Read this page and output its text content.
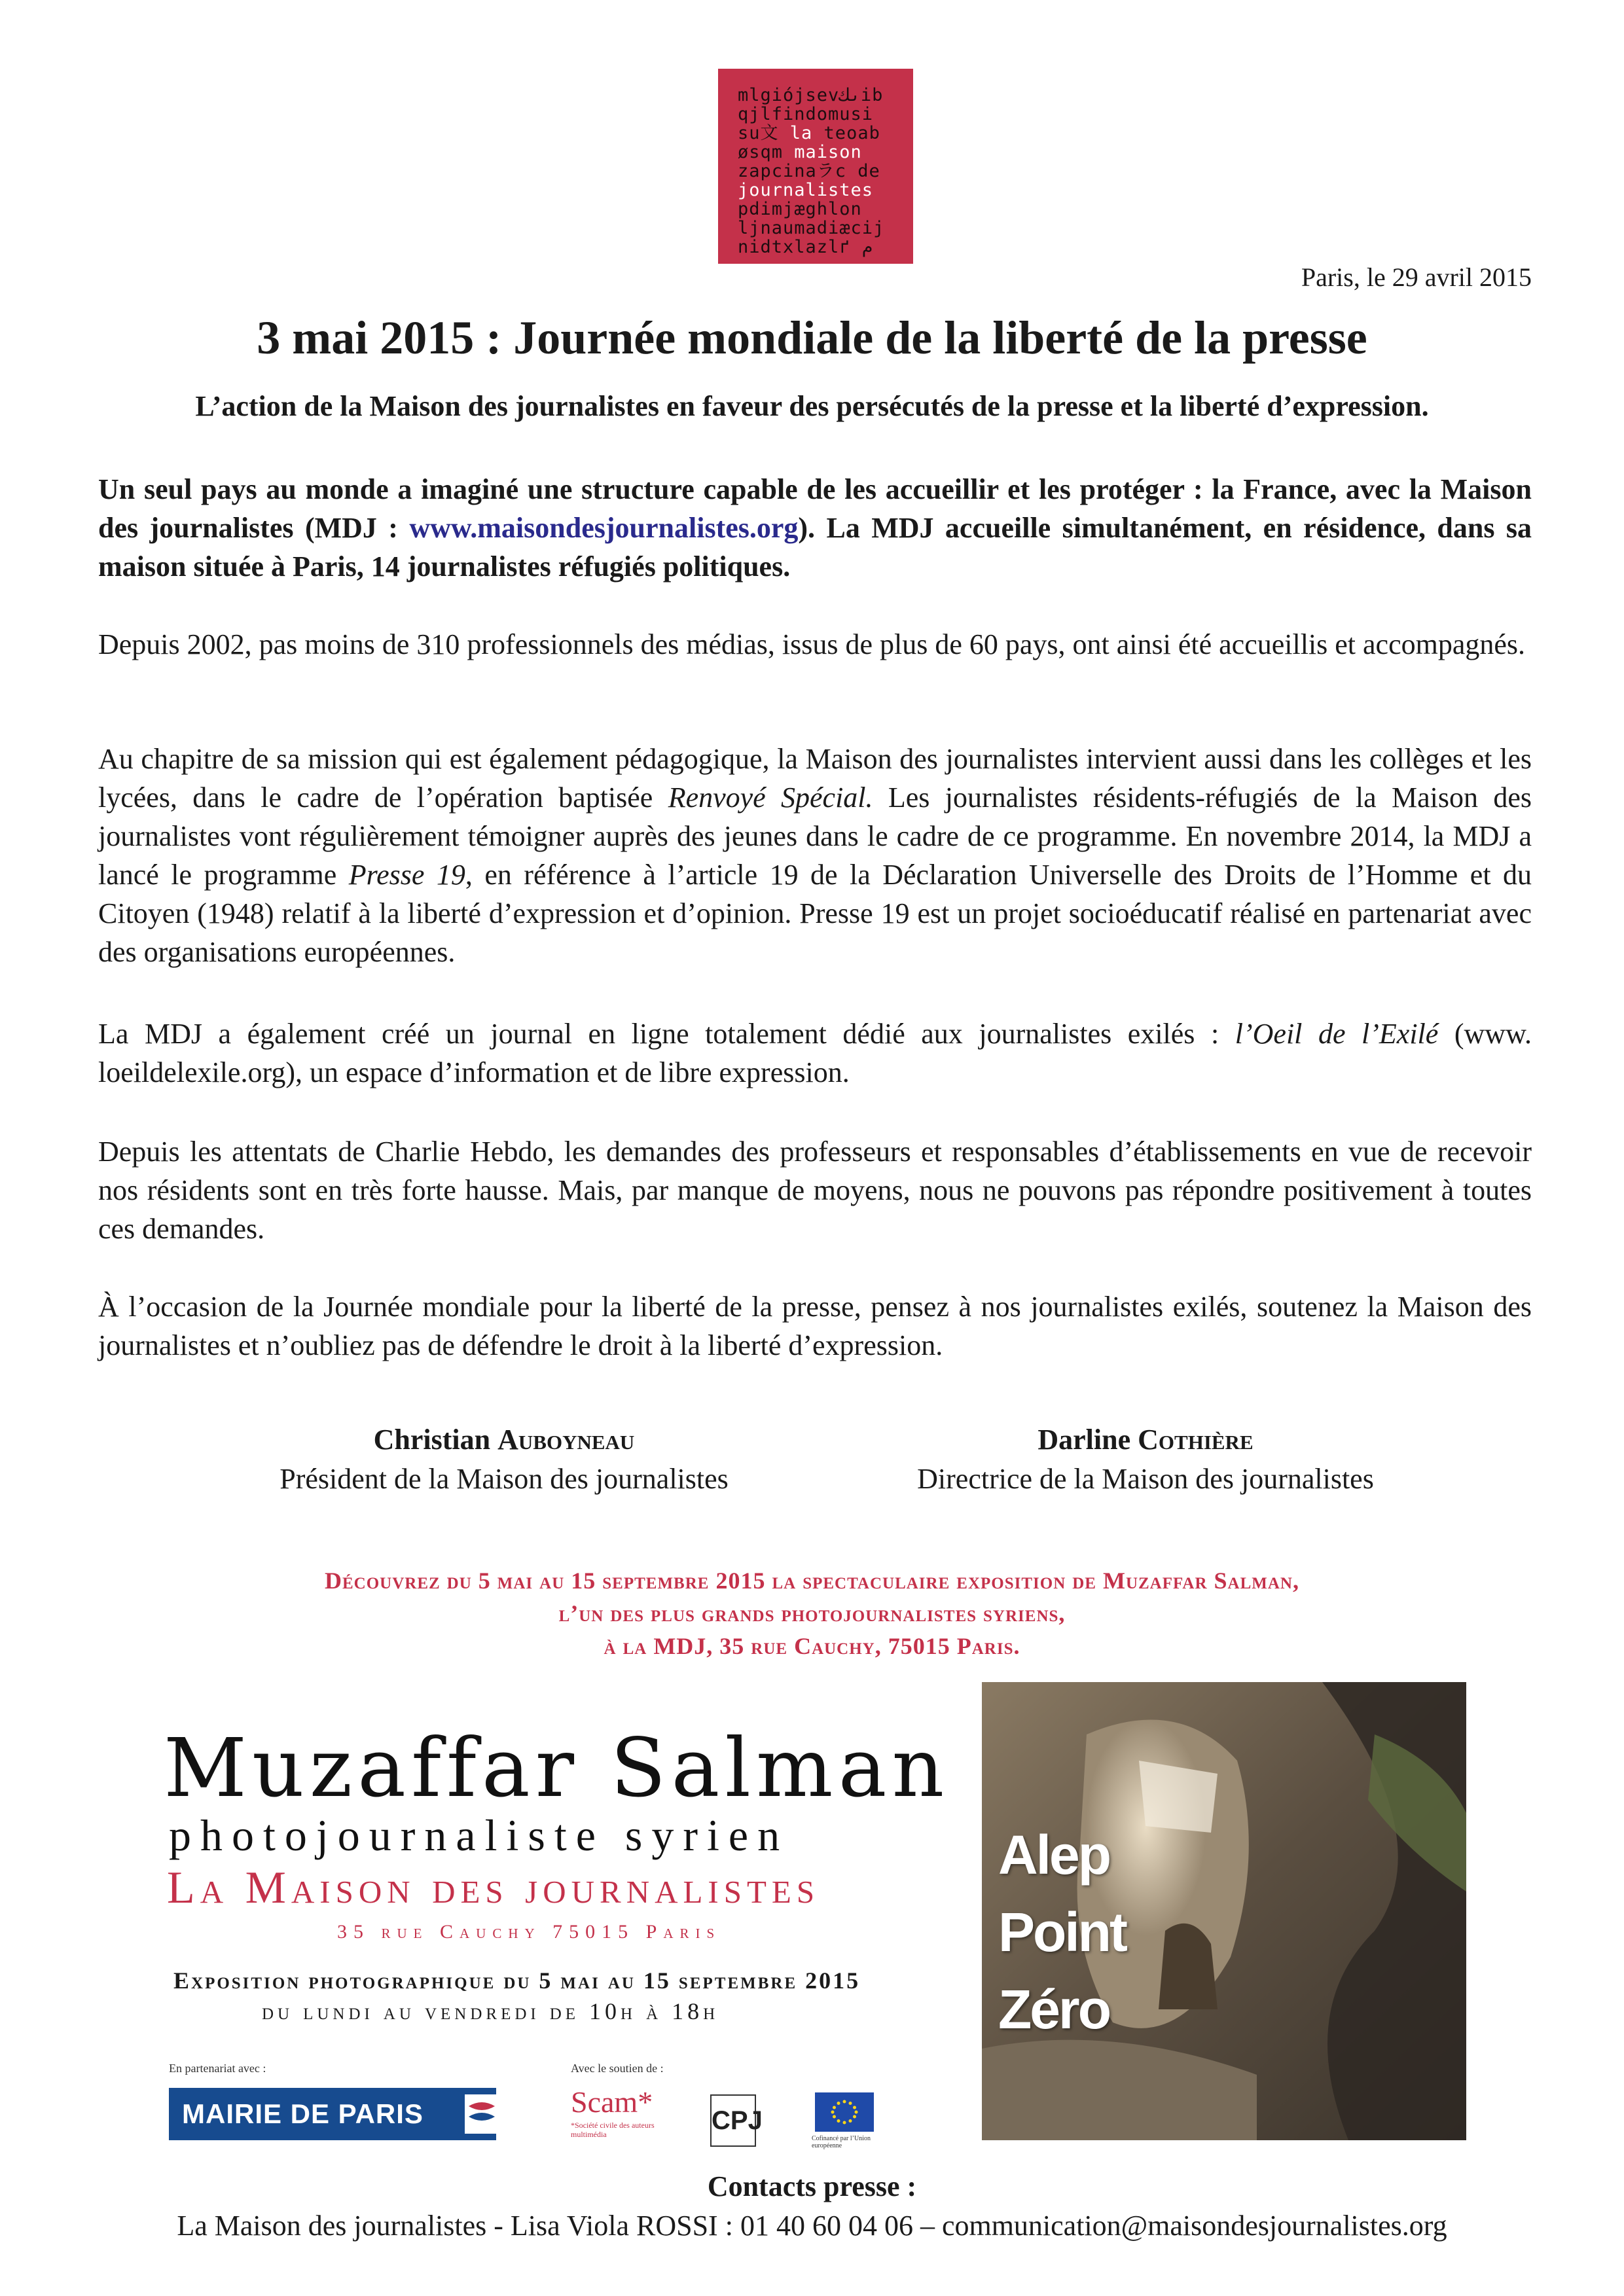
mlgiójsevىكib
qjlfindomusi
su文 la teoab
øsqm maison
zapcinaラc de
journalistes
pdimjæghlon
ljnaumadiæcij
nidtхlazlґ م
Paris, le 29 avril 2015
3 mai 2015 : Journée mondiale de la liberté de la presse
L’action de la Maison des journalistes en faveur des persécutés de la presse et la liberté d’expression.
Un seul pays au monde a imaginé une structure capable de les accueillir et les protéger : la France, avec la Maison des journalistes (MDJ : www.maisondesjournalistes.org). La MDJ accueille simultanément, en résidence, dans sa maison située à Paris, 14 journalistes réfugiés politiques.
Depuis 2002, pas moins de 310 professionnels des médias, issus de plus de 60 pays, ont ainsi été accueillis et accompagnés.
Au chapitre de sa mission qui est également pédagogique, la Maison des journalistes intervient aussi dans les collèges et les lycées, dans le cadre de l’opération baptisée Renvoyé Spécial. Les journalistes résidents-réfugiés de la Maison des journalistes vont régulièrement témoigner auprès des jeunes dans le cadre de ce programme. En novembre 2014, la MDJ a lancé le programme Presse 19, en référence à l’article 19 de la Déclaration Universelle des Droits de l’Homme et du Citoyen (1948) relatif à la liberté d’expression et d’opinion. Presse 19 est un projet socioéducatif réalisé en partenariat avec des organisations européennes.
La MDJ a également créé un journal en ligne totalement dédié aux journalistes exilés : l’Oeil de l’Exilé (www. loeildelexile.org), un espace d’information et de libre expression.
Depuis les attentats de Charlie Hebdo, les demandes des professeurs et responsables d’établissements en vue de recevoir nos résidents sont en très forte hausse. Mais, par manque de moyens, nous ne pouvons pas répondre positivement à toutes ces demandes.
À l’occasion de la Journée mondiale pour la liberté de la presse, pensez à nos journalistes exilés, soutenez la Maison des journalistes et n’oubliez pas de défendre le droit à la liberté d’expression.
Christian Auboyneau
Président de la Maison des journalistes
Darline Cothière
Directrice de la Maison des journalistes
Découvrez du 5 mai au 15 septembre 2015 la spectaculaire exposition de Muzaffar Salman,
l’un des plus grands photojournalistes syriens,
à la MDJ, 35 rue Cauchy, 75015 Paris.
Muzaffar Salman
photojournaliste syrien
La Maison des journalistes
35 rue Cauchy 75015 Paris
Exposition photographique du 5 mai au 15 septembre 2015
du lundi au vendredi de 10h à 18h
En partenariat avec :	Avec le soutien de :
MAIRIE DE PARIS	Scam*
*Société civile des auteurs multimédia	CPJ
Cofinancé par l’Union européenne
Alep
Point
Zéro
Contacts presse :
La Maison des journalistes - Lisa Viola ROSSI : 01 40 60 04 06 – communication@maisondesjournalistes.org
